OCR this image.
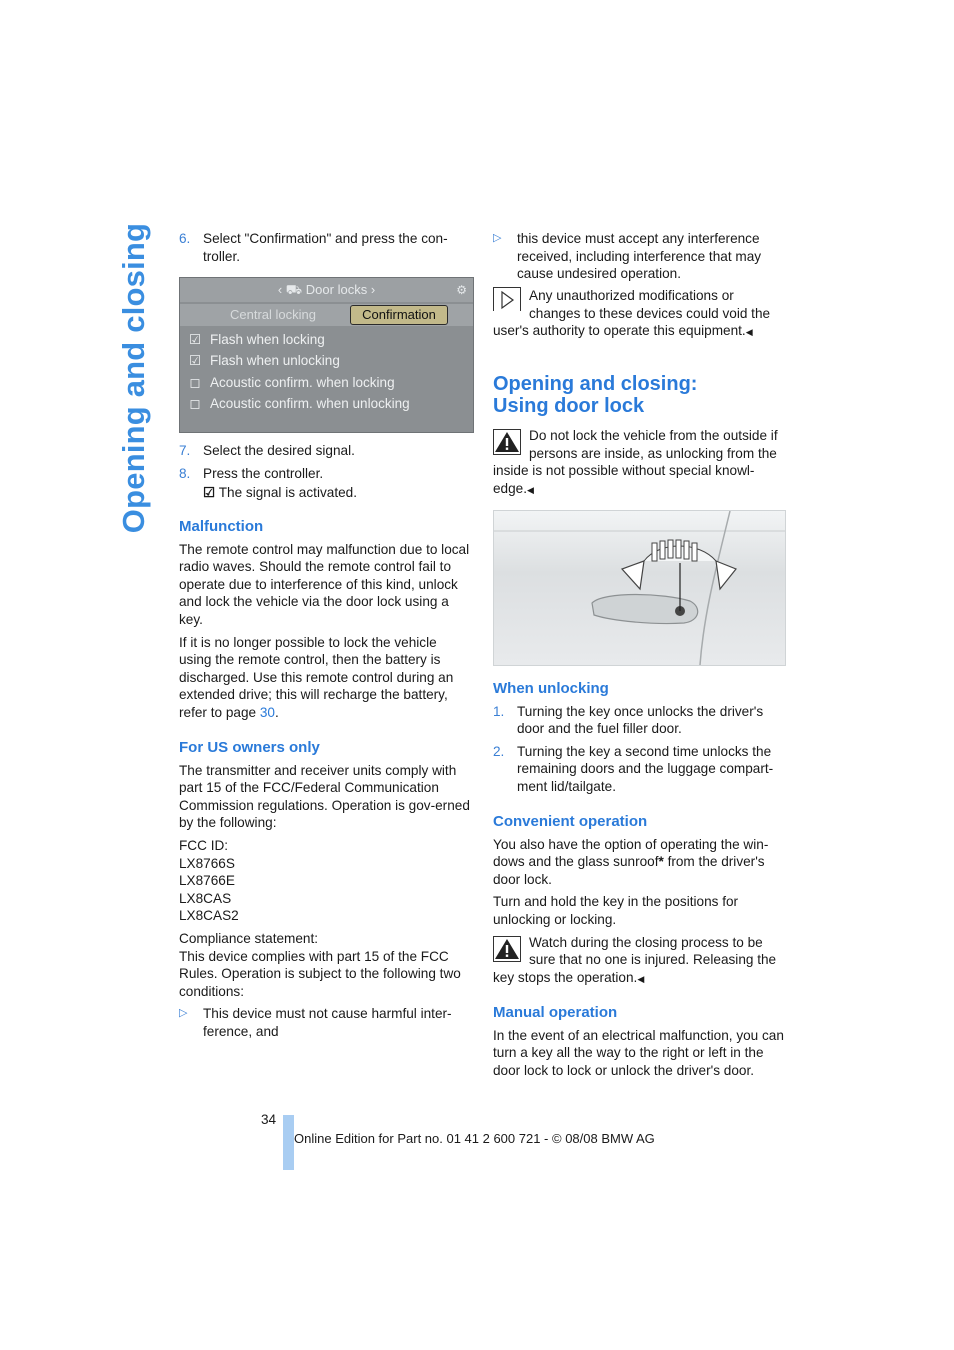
Opening and closing 6. Select "Confirmation" and press the con-troller.
‹ ⛟ Door locks ›	⚙
Central locking	Confirmation
☑ Flash when locking
☑ Flash when unlocking
◻ Acoustic confirm. when locking
◻ Acoustic confirm. when unlocking
7. Select the desired signal.
8. Press the controller.
☑ The signal is activated.
Malfunction

The remote control may malfunction due to local radio waves. Should the remote control fail to operate due to interference of this kind, unlock and lock the vehicle via the door lock using a key.

If it is no longer possible to lock the vehicle using the remote control, then the battery is discharged. Use this remote control during an extended drive; this will recharge the battery, refer to page 30.

For US owners only

The transmitter and receiver units comply with part 15 of the FCC/Federal Communication Commission regulations. Operation is gov-erned by the following:

FCC ID:
LX8766S
LX8766E
LX8CAS
LX8CAS2

Compliance statement:
This device complies with part 15 of the FCC Rules. Operation is subject to the following two conditions:

▷ This device must not cause harmful inter-ference, and
▷ this device must accept any interference received, including interference that may cause undesired operation.

Any unauthorized modifications or changes to these devices could void the user's authority to operate this equipment.◀

Opening and closing:
Using door lock

Do not lock the vehicle from the outside if persons are inside, as unlocking from the inside is not possible without special knowl-edge.◀

When unlocking
1. Turning the key once unlocks the driver's door and the fuel filler door.
2. Turning the key a second time unlocks the remaining doors and the luggage compart-ment lid/tailgate.
Convenient operation

You also have the option of operating the win-dows and the glass sunroof* from the driver's door lock.

Turn and hold the key in the positions for unlocking or locking.

Watch during the closing process to be sure that no one is injured. Releasing the key stops the operation.◀

Manual operation

In the event of an electrical malfunction, you can turn a key all the way to the right or left in the door lock to lock or unlock the driver's door.

34
Online Edition for Part no. 01 41 2 600 721 - © 08/08 BMW AG
